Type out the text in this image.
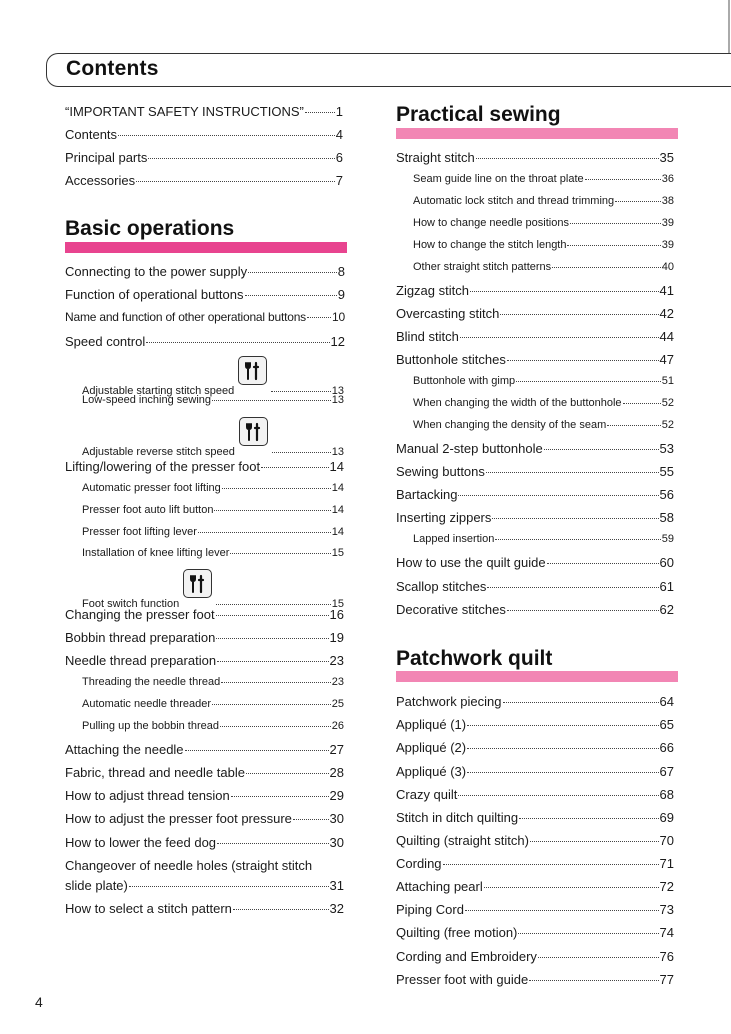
Contents
“IMPORTANT SAFETY INSTRUCTIONS” 1
Contents	4
Principal parts	6
Accessories	7
Basic operations
Connecting to the power supply	8
Function of operational buttons	9
Name and function of other operational buttons 10
Speed control	12
Adjustable starting stitch speed	13
Low-speed inching sewing	13
Adjustable reverse stitch speed	13
Lifting/lowering of the presser foot	14
Automatic presser foot lifting	14
Presser foot auto lift button	14
Presser foot lifting lever	14
Installation of knee lifting lever	15
Foot switch function	15
Changing the presser foot	16
Bobbin thread preparation	19
Needle thread preparation	23
Threading the needle thread	23
Automatic needle threader	25
Pulling up the bobbin thread	26
Attaching the needle	27
Fabric, thread and needle table	28
How to adjust thread tension	29
How to adjust the presser foot pressure	30
How to lower the feed dog	30
Changeover of needle holes (straight stitch
slide plate)	31
How to select a stitch pattern	32
Practical sewing
Straight stitch	35
Seam guide line on the throat plate	36
Automatic lock stitch and thread trimming	38
How to change needle positions	39
How to change the stitch length	39
Other straight stitch patterns	40
Zigzag stitch	41
Overcasting stitch	42
Blind stitch	44
Buttonhole stitches	47
Buttonhole with gimp	51
When changing the width of the buttonhole	52
When changing the density of the seam	52
Manual 2-step buttonhole	53
Sewing buttons	55
Bartacking	56
Inserting zippers	58
Lapped insertion	59
How to use the quilt guide	60
Scallop stitches	61
Decorative stitches	62
Patchwork quilt
Patchwork piecing	64
Appliqué (1)	65
Appliqué (2)	66
Appliqué (3)	67
Crazy quilt	68
Stitch in ditch quilting	69
Quilting (straight stitch)	70
Cording	71
Attaching pearl	72
Piping Cord	73
Quilting (free motion)	74
Cording and Embroidery	76
Presser foot with guide	77
4
